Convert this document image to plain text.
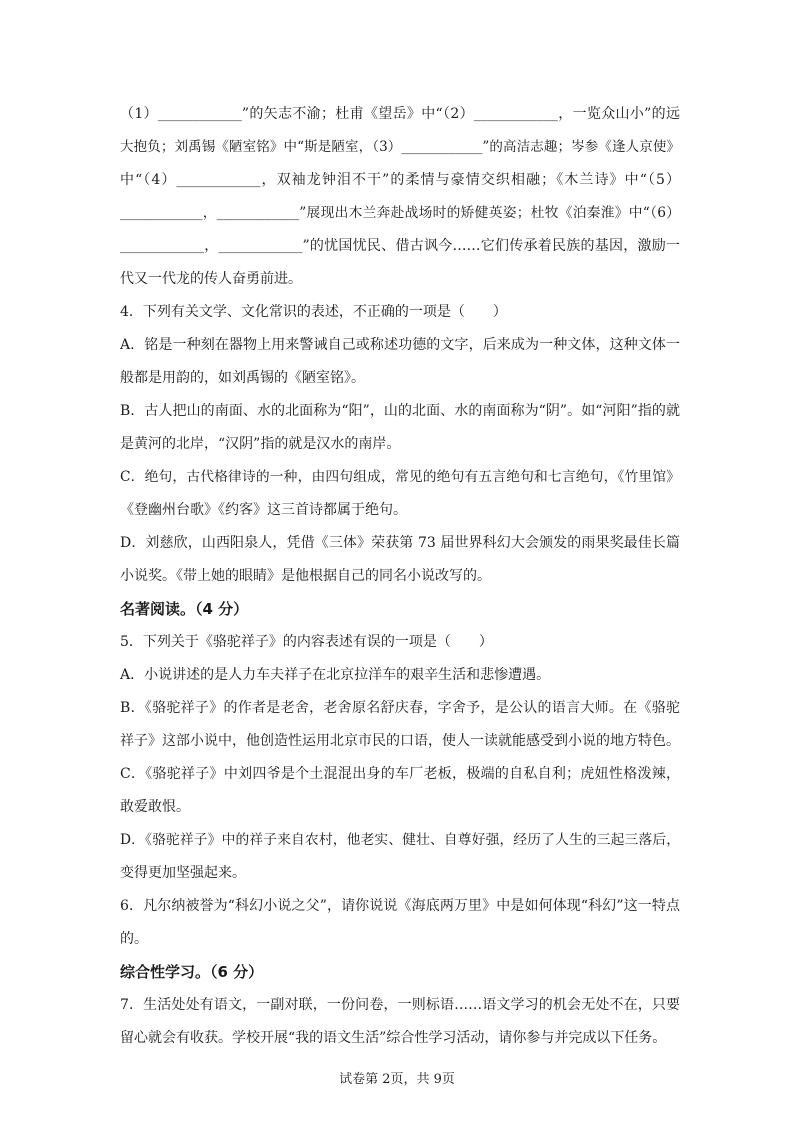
（1）____________”的矢志不渝；杜甫《望岳》中“（2）____________，一览众山小”的远
大抱负；刘禹锡《陋室铭》中“斯是陋室，（3）____________”的高洁志趣；岑参《逢人京使》
中“（4）____________，双袖龙钟泪不干”的柔情与豪情交织相融；《木兰诗》中“（5）
____________，____________”展现出木兰奔赴战场时的矫健英姿；杜牧《泊秦淮》中“（6）
____________，____________”的忧国忧民、借古讽今……它们传承着民族的基因，激励一
代又一代龙的传人奋勇前进。
4．下列有关文学、文化常识的表述，不正确的一项是（　　）
A．铭是一种刻在器物上用来警诫自己或称述功德的文字，后来成为一种文体，这种文体一
般都是用韵的，如刘禹锡的《陋室铭》。
B．古人把山的南面、水的北面称为“阳”，山的北面、水的南面称为“阴”。如“河阳”指的就
是黄河的北岸，“汉阴”指的就是汉水的南岸。
C．绝句，古代格律诗的一种，由四句组成，常见的绝句有五言绝句和七言绝句，《竹里馆》
《登幽州台歌》《约客》这三首诗都属于绝句。
D．刘慈欣，山西阳泉人，凭借《三体》荣获第 73 届世界科幻大会颁发的雨果奖最佳长篇
小说奖。《带上她的眼睛》是他根据自己的同名小说改写的。
名著阅读。（4 分）
5．下列关于《骆驼祥子》的内容表述有误的一项是（　　）
A．小说讲述的是人力车夫祥子在北京拉洋车的艰辛生活和悲惨遭遇。
B．《骆驼祥子》的作者是老舍，老舍原名舒庆春，字舍予，是公认的语言大师。在《骆驼
祥子》这部小说中，他创造性运用北京市民的口语，使人一读就能感受到小说的地方特色。
C．《骆驼祥子》中刘四爷是个土混混出身的车厂老板，极端的自私自利；虎妞性格泼辣，
敢爱敢恨。
D．《骆驼祥子》中的祥子来自农村，他老实、健壮、自尊好强，经历了人生的三起三落后，
变得更加坚强起来。
6．凡尔纳被誉为“科幻小说之父”，请你说说《海底两万里》中是如何体现“科幻”这一特点
的。
综合性学习。（6 分）
7．生活处处有语文，一副对联，一份问卷，一则标语……语文学习的机会无处不在，只要
留心就会有收获。学校开展“我的语文生活”综合性学习活动，请你参与并完成以下任务。
试卷第 2页，共 9页
